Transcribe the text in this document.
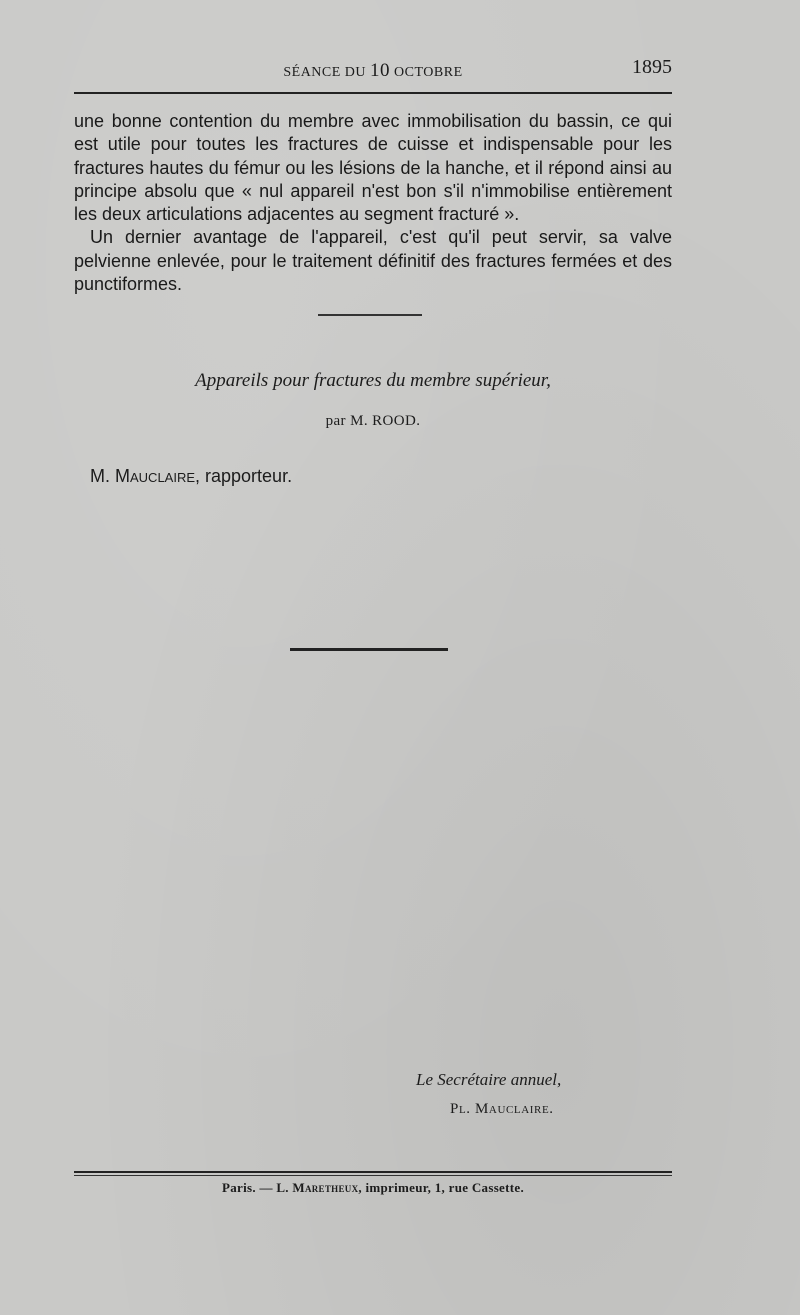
SÉANCE DU 10 OCTOBRE	1895

une bonne contention du membre avec immobilisation du bassin, ce qui est utile pour toutes les fractures de cuisse et indispensable pour les fractures hautes du fémur ou les lésions de la hanche, et il répond ainsi au principe absolu que « nul appareil n'est bon s'il n'immobilise entièrement les deux articulations adjacentes au segment fracturé ».

Un dernier avantage de l'appareil, c'est qu'il peut servir, sa valve pelvienne enlevée, pour le traitement définitif des fractures fermées et des punctiformes.

Appareils pour fractures du membre supérieur,
par M. ROOD.
M. Mauclaire, rapporteur.
Le Secrétaire annuel,
Pl. Mauclaire.
Paris. — L. Maretheux, imprimeur, 1, rue Cassette.
